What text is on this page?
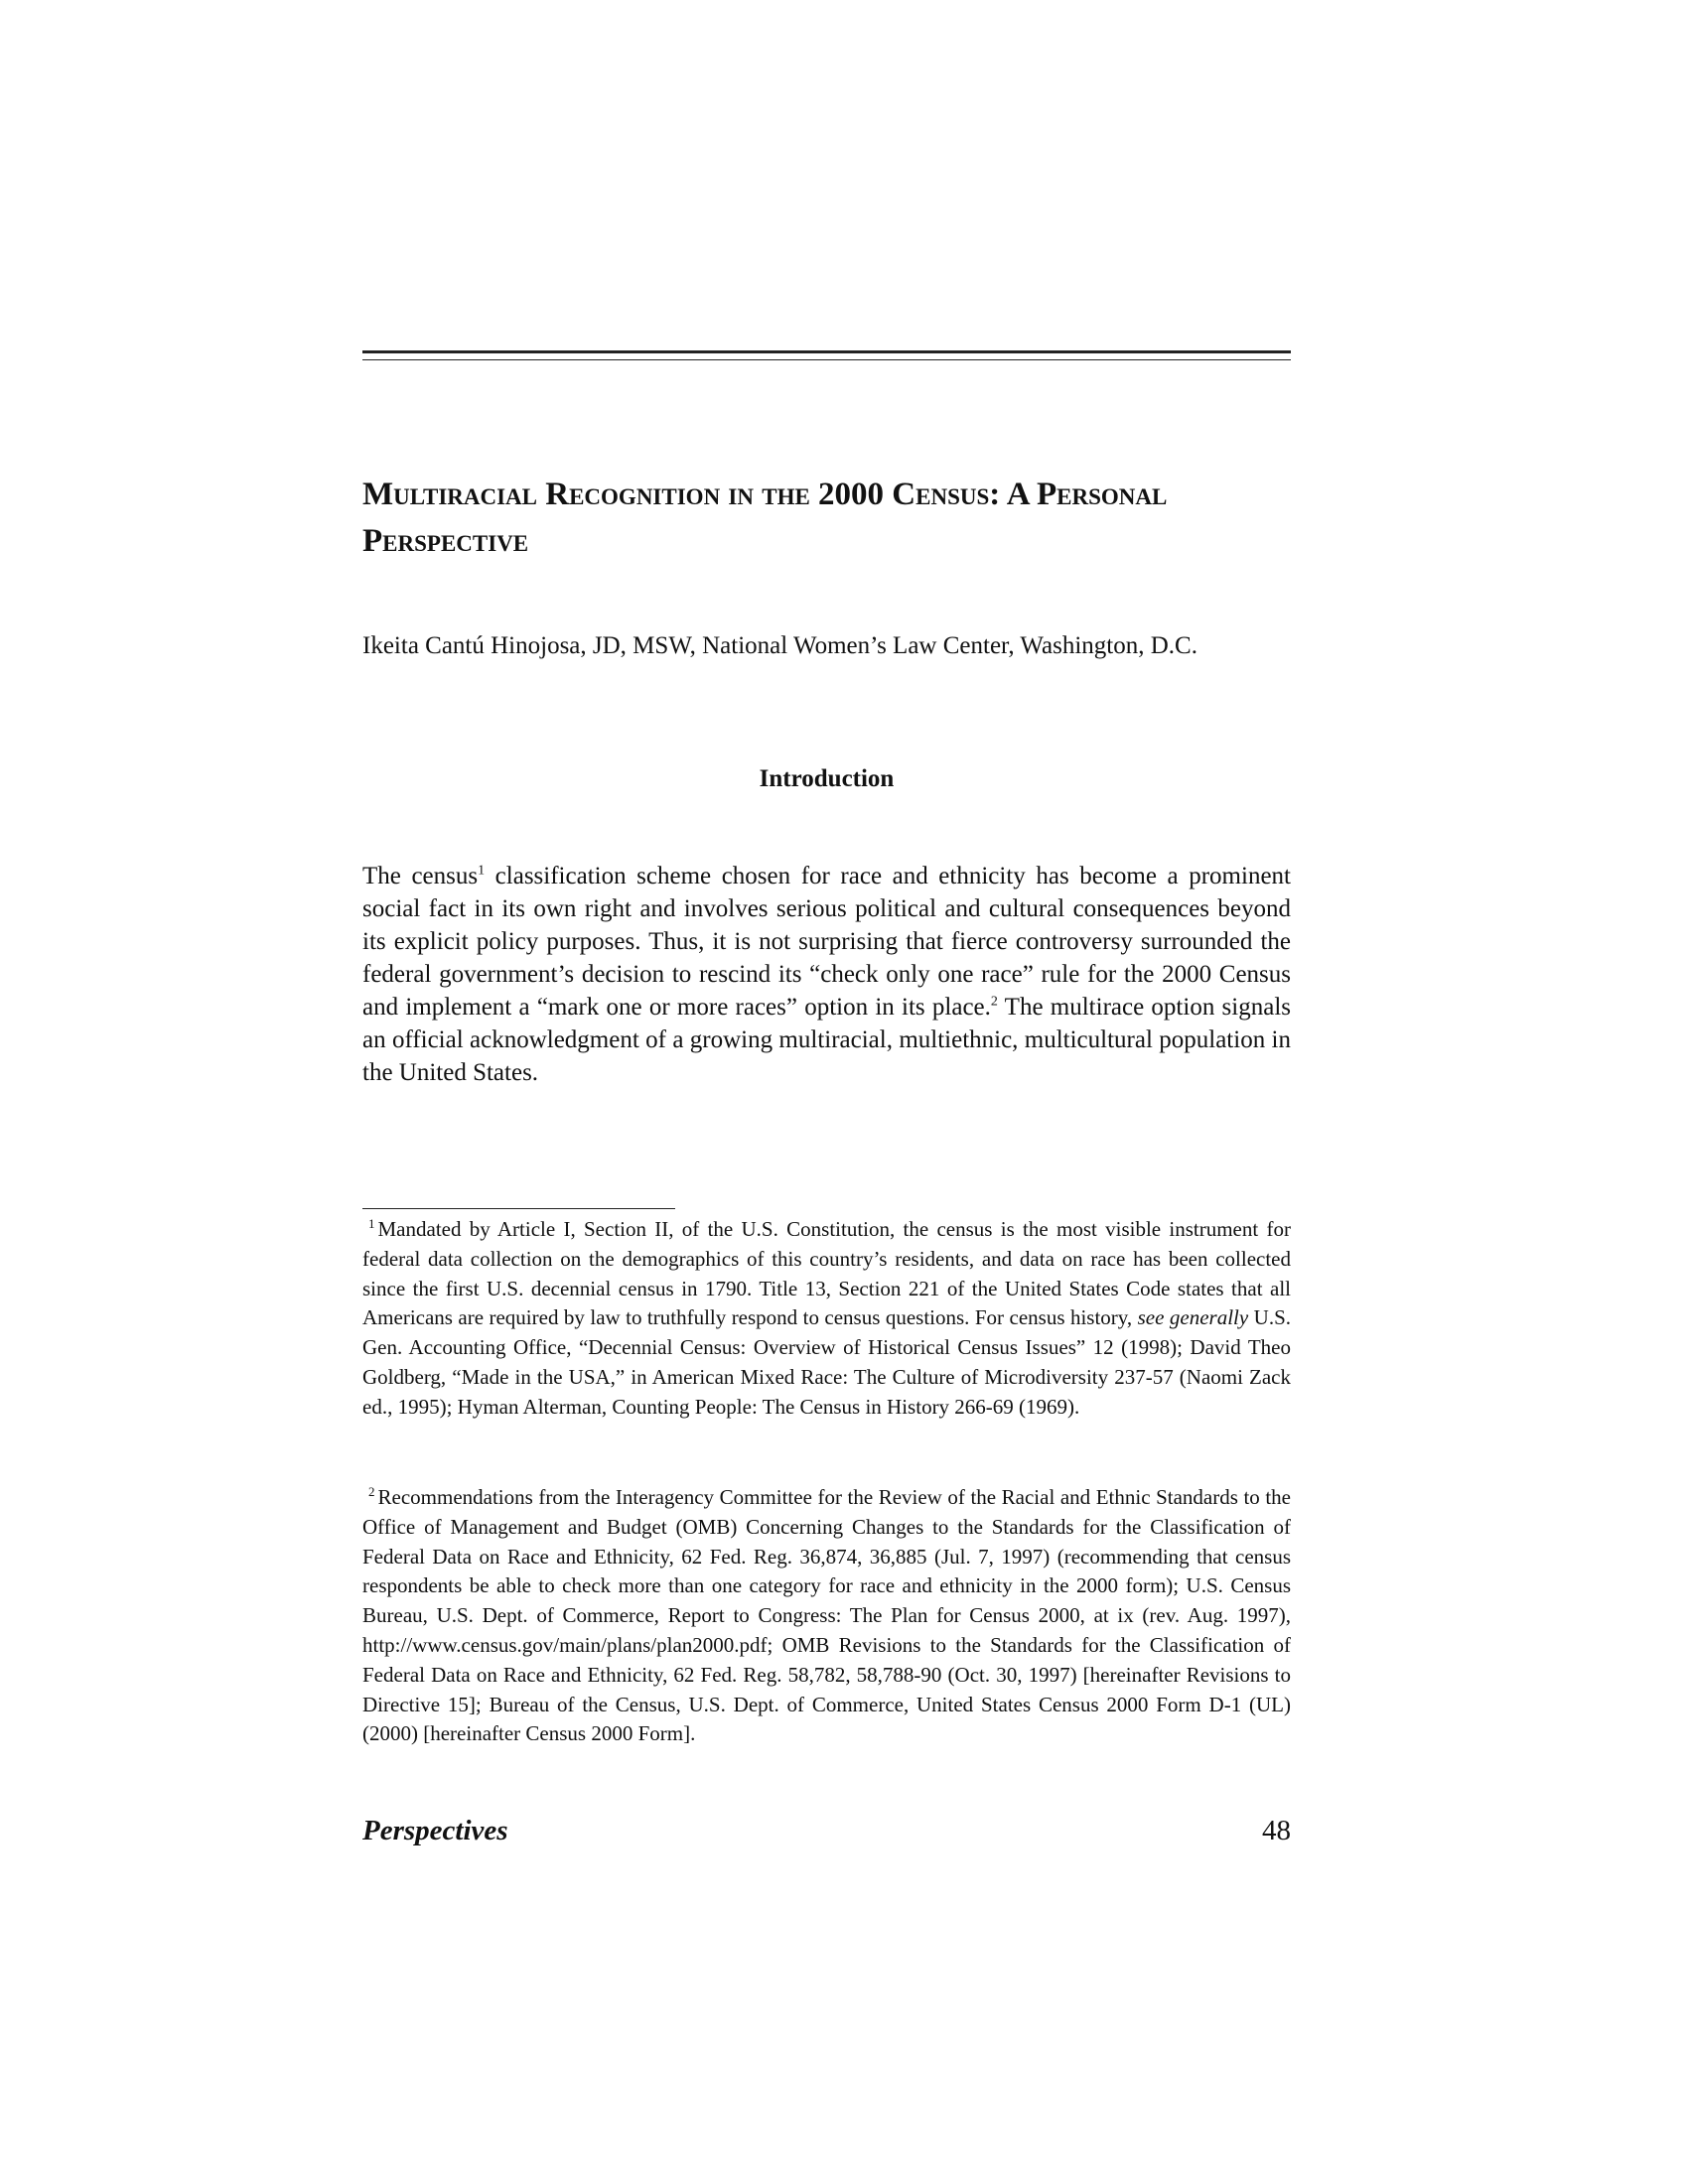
Multiracial Recognition in the 2000 Census: A Personal Perspective

Ikeita Cantú Hinojosa, JD, MSW, National Women’s Law Center, Washington, D.C.

Introduction

The census$^1$ classification scheme chosen for race and ethnicity has become a prominent social fact in its own right and involves serious political and cultural consequences beyond its explicit policy purposes. Thus, it is not surprising that fierce controversy surrounded the federal government’s decision to rescind its “check only one race” rule for the 2000 Census and implement a “mark one or more races” option in its place.$^2$ The multirace option signals an official acknowledgment of a growing multiracial, multiethnic, multicultural population in the United States.

$^1$ Mandated by Article I, Section II, of the U.S. Constitution, the census is the most visible instrument for federal data collection on the demographics of this country’s residents, and data on race has been collected since the first U.S. decennial census in 1790. Title 13, Section 221 of the United States Code states that all Americans are required by law to truthfully respond to census questions. For census history, see generally U.S. Gen. Accounting Office, “Decennial Census: Overview of Historical Census Issues” 12 (1998); David Theo Goldberg, “Made in the USA,” in American Mixed Race: The Culture of Microdiversity 237-57 (Naomi Zack ed., 1995); Hyman Alterman, Counting People: The Census in History 266-69 (1969).

$^2$ Recommendations from the Interagency Committee for the Review of the Racial and Ethnic Standards to the Office of Management and Budget (OMB) Concerning Changes to the Standards for the Classification of Federal Data on Race and Ethnicity, 62 Fed. Reg. 36,874, 36,885 (Jul. 7, 1997) (recommending that census respondents be able to check more than one category for race and ethnicity in the 2000 form); U.S. Census Bureau, U.S. Dept. of Commerce, Report to Congress: The Plan for Census 2000, at ix (rev. Aug. 1997), http://www.census.gov/main/plans/plan2000.pdf; OMB Revisions to the Standards for the Classification of Federal Data on Race and Ethnicity, 62 Fed. Reg. 58,782, 58,788-90 (Oct. 30, 1997) [hereinafter Revisions to Directive 15]; Bureau of the Census, U.S. Dept. of Commerce, United States Census 2000 Form D-1 (UL) (2000) [hereinafter Census 2000 Form].

Perspectives	48
